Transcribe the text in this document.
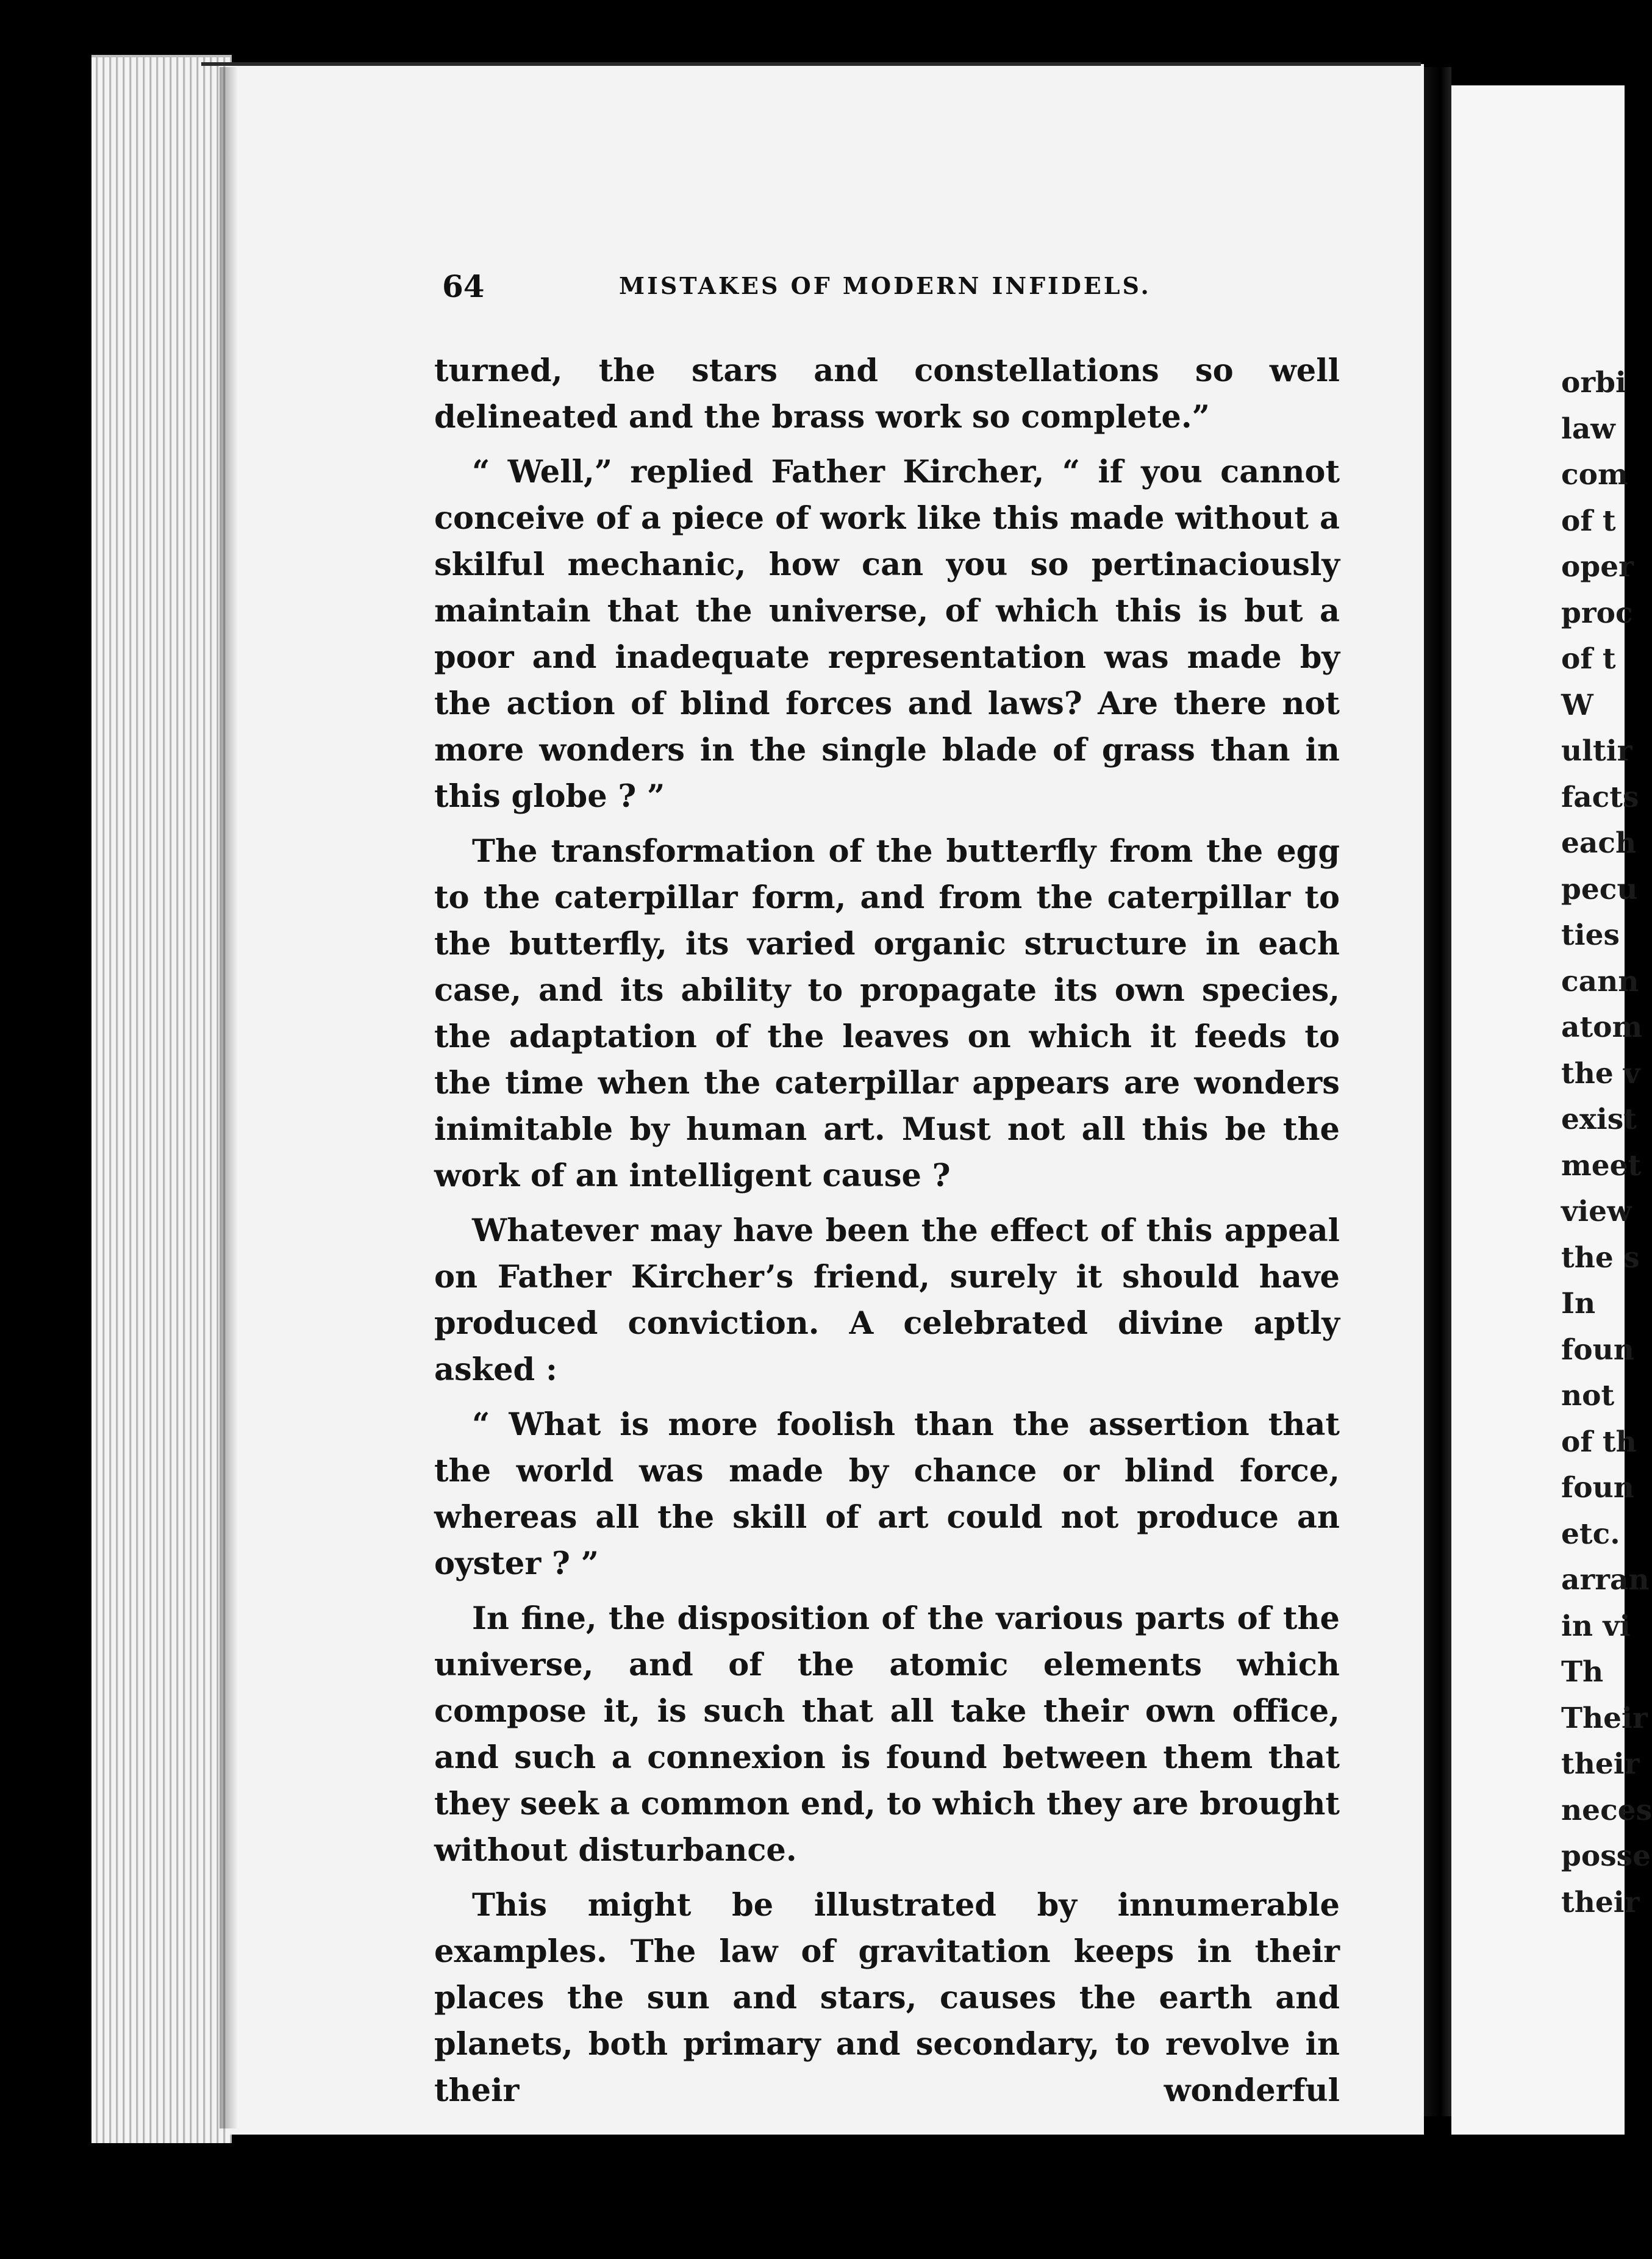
64	MISTAKES OF MODERN INFIDELS.

turned, the stars and constellations so well delineated and the brass work so complete.”

“ Well,” replied Father Kircher, “ if you cannot conceive of a piece of work like this made without a skilful mechanic, how can you so pertinaciously maintain that the universe, of which this is but a poor and inadequate representation was made by the action of blind forces and laws? Are there not more wonders in the single blade of grass than in this globe ? ”

The transformation of the butterfly from the egg to the caterpillar form, and from the caterpillar to the butterfly, its varied organic structure in each case, and its ability to propagate its own species, the adaptation of the leaves on which it feeds to the time when the caterpillar appears are wonders inimitable by human art. Must not all this be the work of an intelligent cause ?

Whatever may have been the effect of this appeal on Father Kircher’s friend, surely it should have produced conviction. A celebrated divine aptly asked :

“ What is more foolish than the assertion that the world was made by chance or blind force, whereas all the skill of art could not produce an oyster ? ”

In fine, the disposition of the various parts of the universe, and of the atomic elements which compose it, is such that all take their own office, and such a connexion is found between them that they seek a common end, to which they are brought without disturbance.

This might be illustrated by innumerable examples. The law of gravitation keeps in their places the sun and stars, causes the earth and planets, both primary and secondary, to revolve in their wonderful

orbi
law
com
of t
oper
proc
of t
W
ultir
facts
each
pecu
ties
cann
atom
the v
exist
meet
view
the s
In
foun
not
of th
foun
etc.
arran
in vi
Th
Their
their
neces
posse
their
